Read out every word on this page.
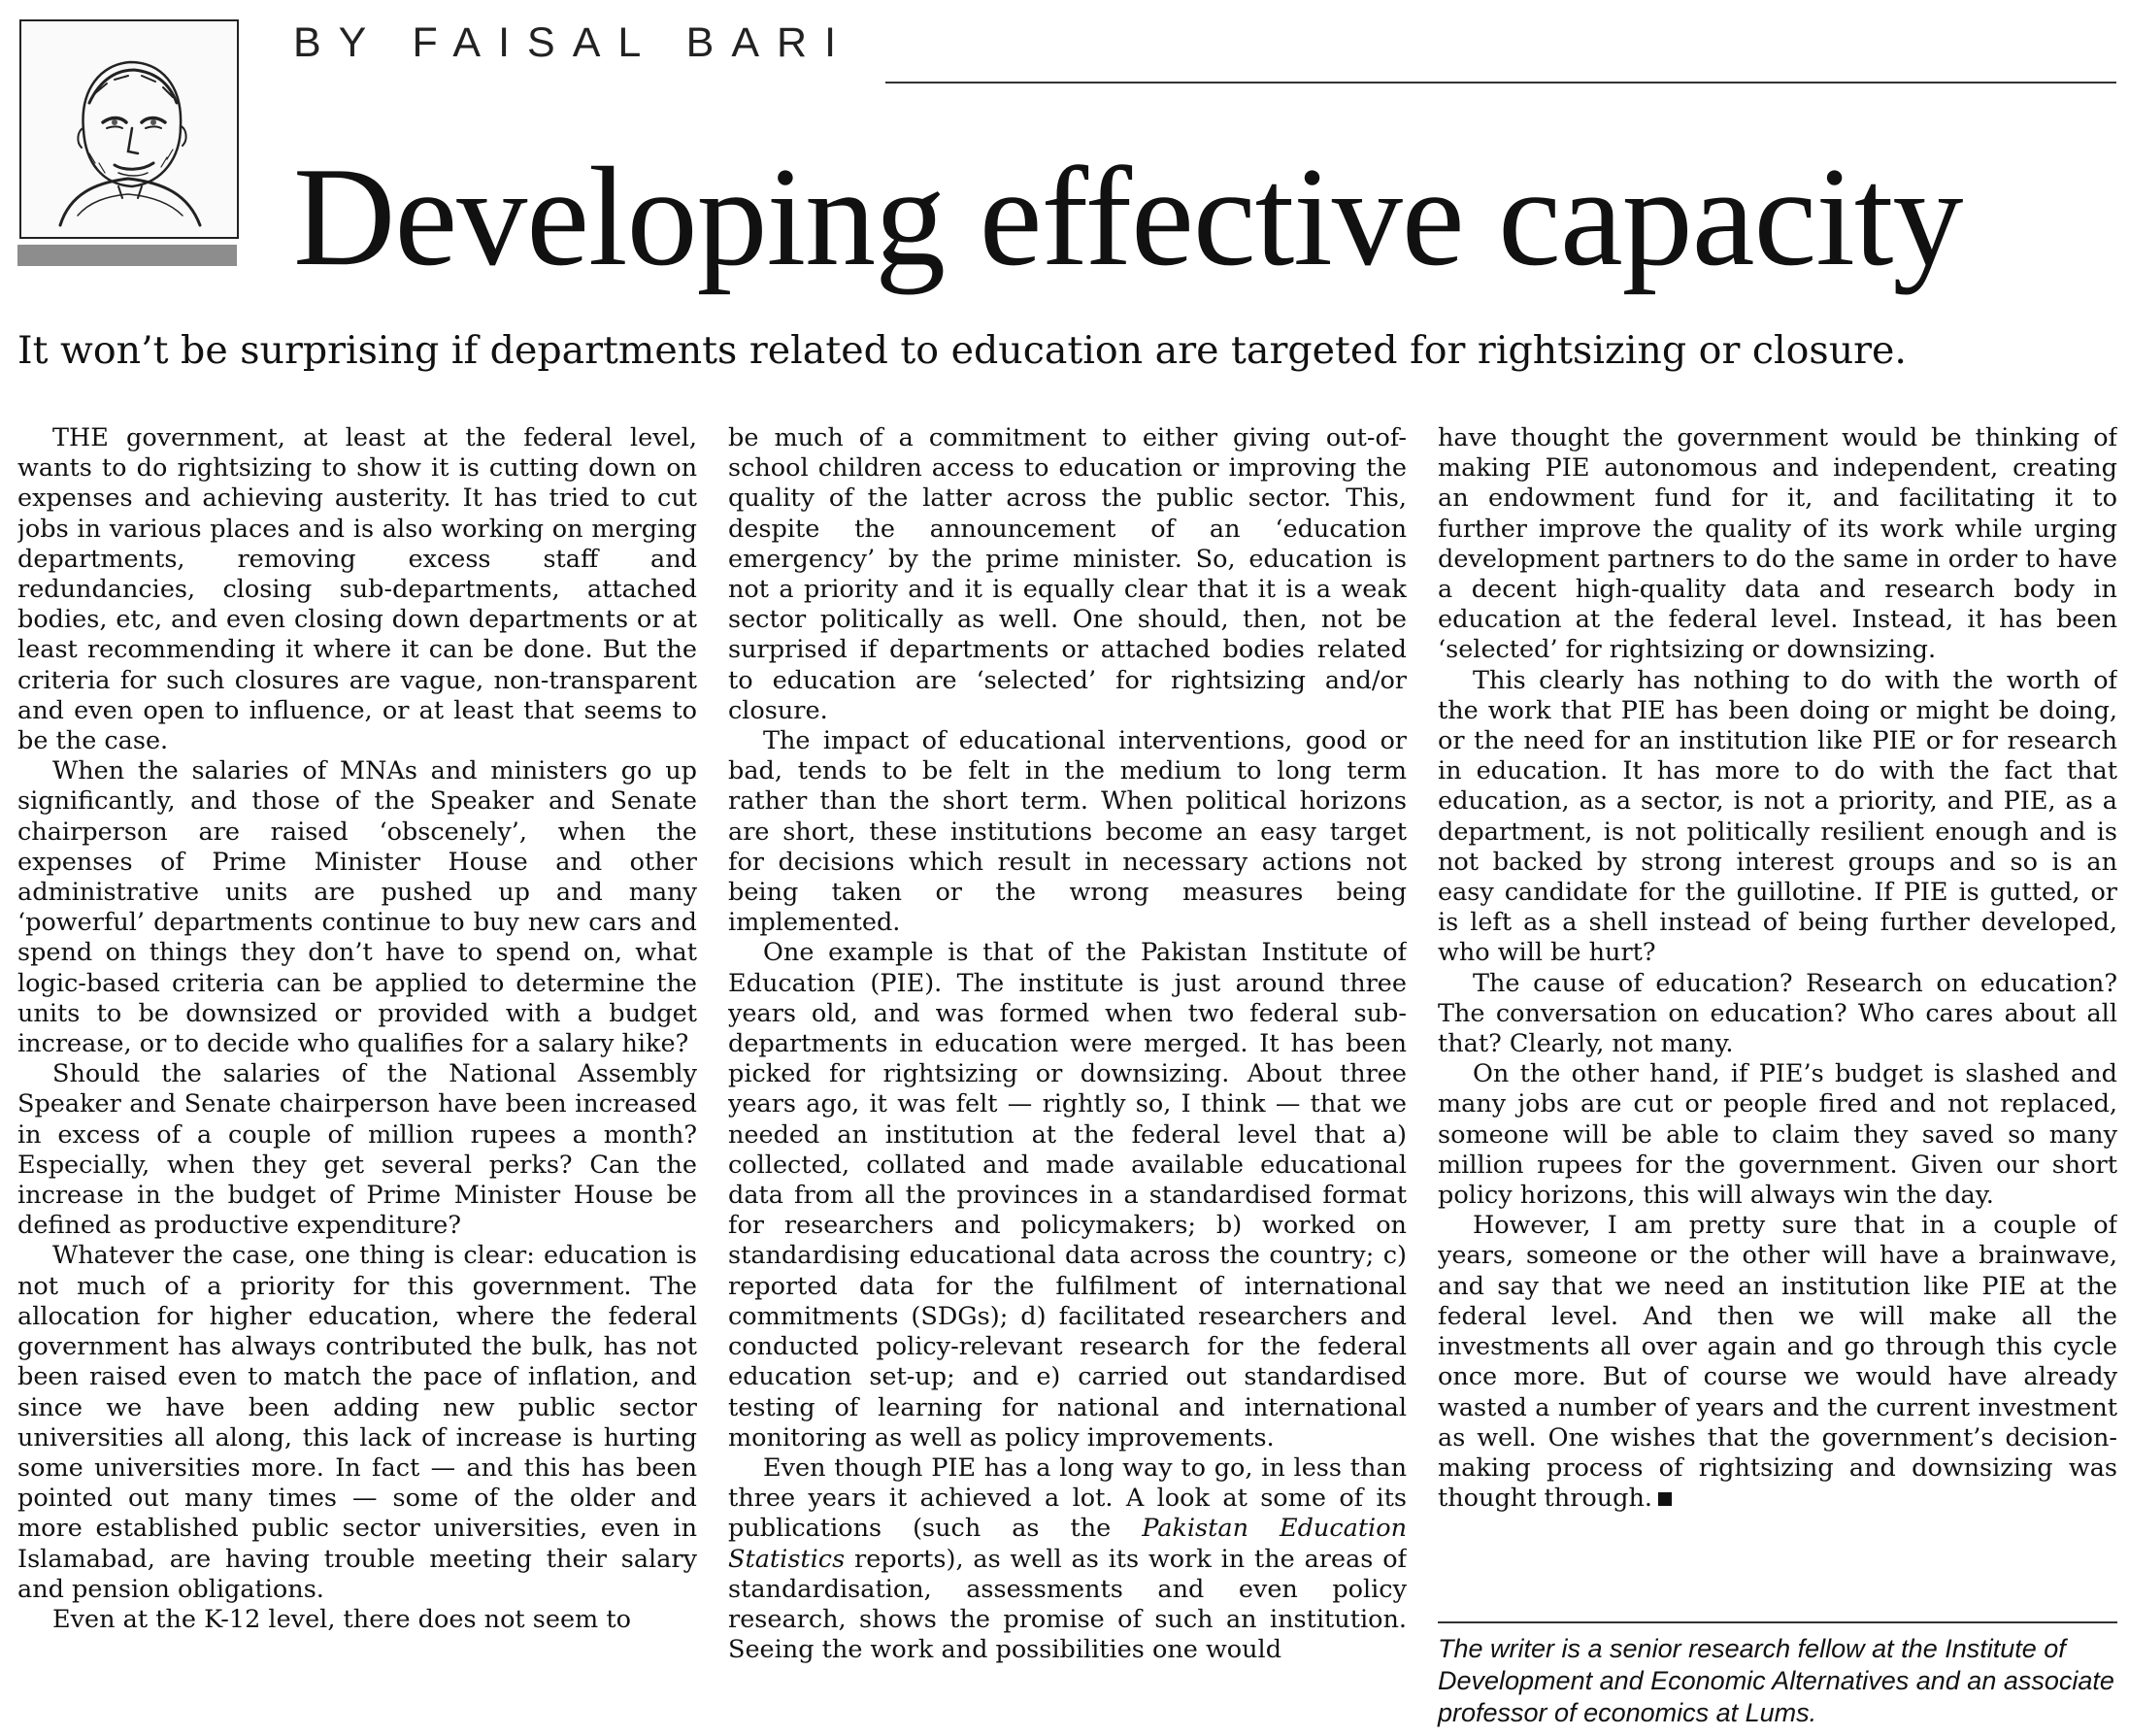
BY FAISAL BARI
Developing effective capacity
It won’t be surprising if departments related to education are targeted for rightsizing or closure.

THE government, at least at the federal level, wants to do rightsizing to show it is cutting down on expenses and achieving austerity. It has tried to cut jobs in various places and is also working on merging departments, removing excess staff and redundancies, closing sub-departments, attached bodies, etc, and even closing down departments or at least recommending it where it can be done. But the criteria for such closures are vague, non-transparent and even open to influence, or at least that seems to be the case.

When the salaries of MNAs and ministers go up significantly, and those of the Speaker and Senate chairperson are raised ‘obscenely’, when the expenses of Prime Minister House and other administrative units are pushed up and many ‘powerful’ departments continue to buy new cars and spend on things they don’t have to spend on, what logic-based criteria can be applied to determine the units to be downsized or provided with a budget increase, or to decide who qualifies for a salary hike?

Should the salaries of the National Assembly Speaker and Senate chairperson have been increased in excess of a couple of million rupees a month? Especially, when they get several perks? Can the increase in the budget of Prime Minister House be defined as productive expenditure?

Whatever the case, one thing is clear: education is not much of a priority for this government. The allocation for higher education, where the federal government has always contributed the bulk, has not been raised even to match the pace of inflation, and since we have been adding new public sector universities all along, this lack of increase is hurting some universities more. In fact — and this has been pointed out many times — some of the older and more established public sector universities, even in Islamabad, are having trouble meeting their salary and pension obligations.

Even at the K-12 level, there does not seem to

be much of a commitment to either giving out-of-school children access to education or improving the quality of the latter across the public sector. This, despite the announcement of an ‘education emergency’ by the prime minister. So, education is not a priority and it is equally clear that it is a weak sector politically as well. One should, then, not be surprised if departments or attached bodies related to education are ‘selected’ for rightsizing and/or closure.

The impact of educational interventions, good or bad, tends to be felt in the medium to long term rather than the short term. When political horizons are short, these institutions become an easy target for decisions which result in necessary actions not being taken or the wrong measures being implemented.

One example is that of the Pakistan Institute of Education (PIE). The institute is just around three years old, and was formed when two federal sub-departments in education were merged. It has been picked for rightsizing or downsizing. About three years ago, it was felt — rightly so, I think — that we needed an institution at the federal level that a) collected, collated and made available educational data from all the provinces in a standardised format for researchers and policymakers; b) worked on standardising educational data across the country; c) reported data for the fulfilment of international commitments (SDGs); d) facilitated researchers and conducted policy-relevant research for the federal education set-up; and e) carried out standardised testing of learning for national and international monitoring as well as policy improvements.

Even though PIE has a long way to go, in less than three years it achieved a lot. A look at some of its publications (such as the Pakistan Education Statistics reports), as well as its work in the areas of standardisation, assessments and even policy research, shows the promise of such an institution. Seeing the work and possibilities one would

have thought the government would be thinking of making PIE autonomous and independent, creating an endowment fund for it, and facilitating it to further improve the quality of its work while urging development partners to do the same in order to have a decent high-quality data and research body in education at the federal level. Instead, it has been ‘selected’ for rightsizing or downsizing.

This clearly has nothing to do with the worth of the work that PIE has been doing or might be doing, or the need for an institution like PIE or for research in education. It has more to do with the fact that education, as a sector, is not a priority, and PIE, as a department, is not politically resilient enough and is not backed by strong interest groups and so is an easy candidate for the guillotine. If PIE is gutted, or is left as a shell instead of being further developed, who will be hurt?

The cause of education? Research on education? The conversation on education? Who cares about all that? Clearly, not many.

On the other hand, if PIE’s budget is slashed and many jobs are cut or people fired and not replaced, someone will be able to claim they saved so many million rupees for the government. Given our short policy horizons, this will always win the day.

However, I am pretty sure that in a couple of years, someone or the other will have a brainwave, and say that we need an institution like PIE at the federal level. And then we will make all the investments all over again and go through this cycle once more. But of course we would have already wasted a number of years and the current investment as well. One wishes that the government’s decision-making process of rightsizing and downsizing was thought through.

The writer is a senior research fellow at the Institute of Development and Economic Alternatives and an associate professor of economics at Lums.
